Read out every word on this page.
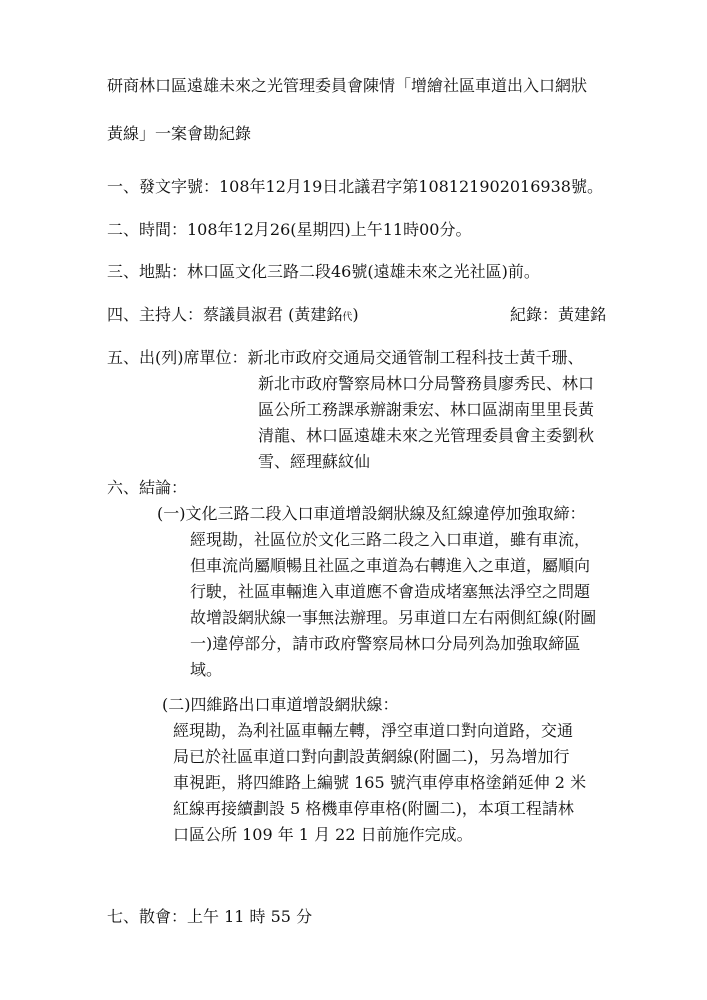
研商林口區遠雄未來之光管理委員會陳情「增繪社區車道出入口網狀
黃線」一案會勘紀錄
一、發文字號：108年12月19日北議君字第108121902016938號。
二、時間：108年12月26(星期四)上午11時00分。
三、地點：林口區文化三路二段46號(遠雄未來之光社區)前。
四、主持人：蔡議員淑君 (黃建銘代)	紀錄：黃建銘
五、出(列)席單位：新北市政府交通局交通管制工程科技士黃千珊、
新北市政府警察局林口分局警務員廖秀民、林口
區公所工務課承辦謝秉宏、林口區湖南里里長黃
清龍、林口區遠雄未來之光管理委員會主委劉秋
雪、經理蘇紋仙
六、結論：
(一)文化三路二段入口車道增設網狀線及紅線違停加強取締：
經現勘，社區位於文化三路二段之入口車道，雖有車流，
但車流尚屬順暢且社區之車道為右轉進入之車道，屬順向
行駛，社區車輛進入車道應不會造成堵塞無法淨空之問題
故增設網狀線一事無法辦理。另車道口左右兩側紅線(附圖
一)違停部分，請市政府警察局林口分局列為加強取締區
域。
(二)四維路出口車道增設網狀線：
經現勘，為利社區車輛左轉，淨空車道口對向道路，交通
局已於社區車道口對向劃設黃網線(附圖二)，另為增加行
車視距，將四維路上編號 165 號汽車停車格塗銷延伸 2 米
紅線再接續劃設 5 格機車停車格(附圖二)，本項工程請林
口區公所 109 年 1 月 22 日前施作完成。
七、散會：上午 11 時 55 分
